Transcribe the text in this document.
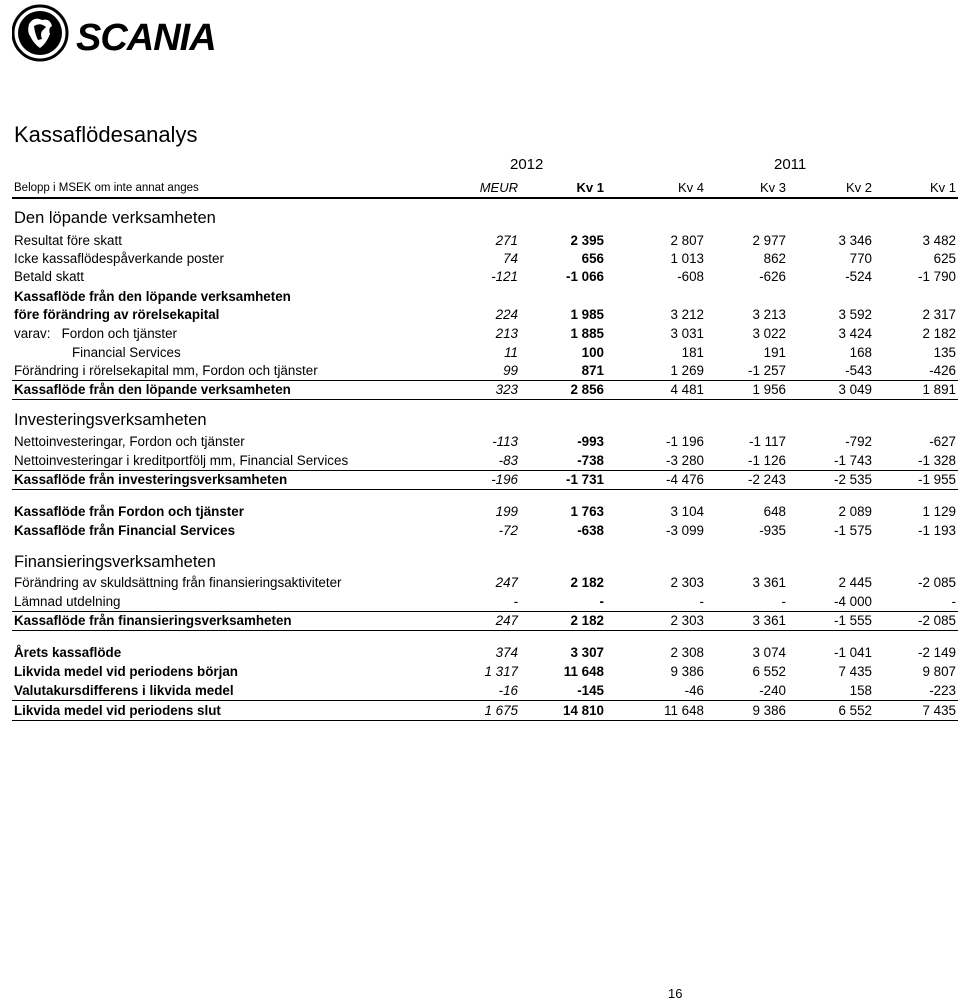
SCANIA
Kassaflödesanalys
2012	2011
Belopp i MSEK om inte annat anges	MEUR	Kv 1	Kv 4	Kv 3	Kv 2	Kv 1
Den löpande verksamheten
Investeringsverksamheten
Finansieringsverksamheten
Resultat före skatt	271	2 395	2 807	2 977	3 346	3 482
Icke kassaflödespåverkande poster	74	656	1 013	862	770	625
Betald skatt	-121	-1 066	-608	-626	-524	-1 790
Kassaflöde från den löpande verksamheten
före förändring av rörelsekapital	224	1 985	3 212	3 213	3 592	2 317
varav:   Fordon och tjänster	213	1 885	3 031	3 022	3 424	2 182
Financial Services	11	100	181	191	168	135
Förändring i rörelsekapital mm, Fordon och tjänster	99	871	1 269	-1 257	-543	-426
Kassaflöde från den löpande verksamheten	323	2 856	4 481	1 956	3 049	1 891
Nettoinvesteringar, Fordon och tjänster	-113	-993	-1 196	-1 117	-792	-627
Nettoinvesteringar i kreditportfölj mm, Financial Services	-83	-738	-3 280	-1 126	-1 743	-1 328
Kassaflöde från investeringsverksamheten	-196	-1 731	-4 476	-2 243	-2 535	-1 955
Kassaflöde från Fordon och tjänster	199	1 763	3 104	648	2 089	1 129
Kassaflöde från Financial Services	-72	-638	-3 099	-935	-1 575	-1 193
Förändring av skuldsättning från finansieringsaktiviteter	247	2 182	2 303	3 361	2 445	-2 085
Lämnad utdelning	-	-	-	-	-4 000	-
Kassaflöde från finansieringsverksamheten	247	2 182	2 303	3 361	-1 555	-2 085
Årets kassaflöde	374	3 307	2 308	3 074	-1 041	-2 149
Likvida medel vid periodens början	1 317	11 648	9 386	6 552	7 435	9 807
Valutakursdifferens i likvida medel	-16	-145	-46	-240	158	-223
Likvida medel vid periodens slut	1 675	14 810	11 648	9 386	6 552	7 435
16
